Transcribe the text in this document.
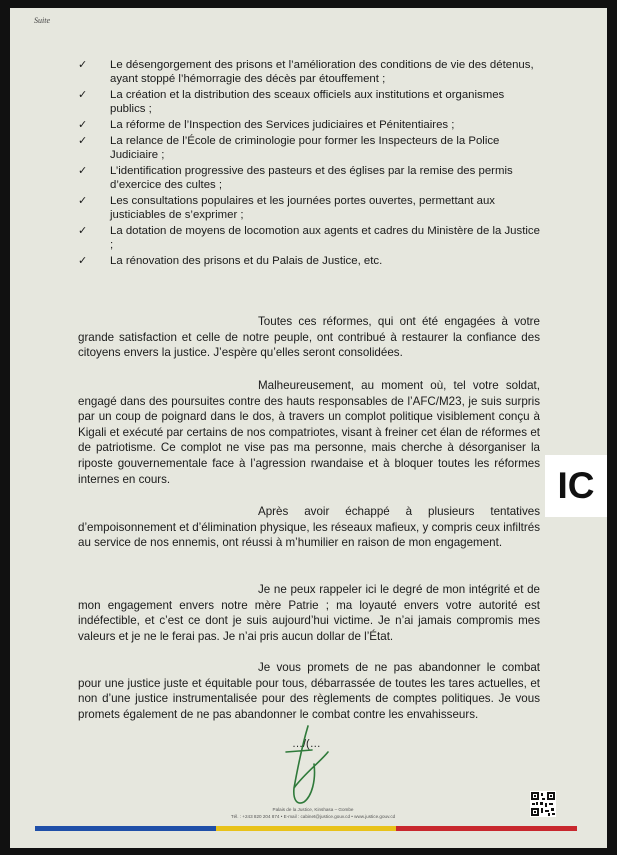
Suite
✓ Le désengorgement des prisons et l’amélioration des conditions de vie des détenus, ayant stoppé l’hémorragie des décès par étouffement ;
✓ La création et la distribution des sceaux officiels aux institutions et organismes publics ;
✓ La réforme de l’Inspection des Services judiciaires et Pénitentiaires ;
✓ La relance de l’École de criminologie pour former les Inspecteurs de la Police Judiciaire ;
✓ L’identification progressive des pasteurs et des églises par la remise des permis d’exercice des cultes ;
✓ Les consultations populaires et les journées portes ouvertes, permettant aux justiciables de s’exprimer ;
✓ La dotation de moyens de locomotion aux agents et cadres du Ministère de la Justice ;
✓ La rénovation des prisons et du Palais de Justice, etc.

Toutes ces réformes, qui ont été engagées à votre grande satisfaction et celle de notre peuple, ont contribué à restaurer la confiance des citoyens envers la justice. J’espère qu’elles seront consolidées.

Malheureusement, au moment où, tel votre soldat, engagé dans des poursuites contre des hauts responsables de l’AFC/M23, je suis surpris par un coup de poignard dans le dos, à travers un complot politique visiblement conçu à Kigali et exécuté par certains de nos compatriotes, visant à freiner cet élan de réformes et de patriotisme. Ce complot ne vise pas ma personne, mais cherche à désorganiser la riposte gouvernementale face à l’agression rwandaise et à bloquer toutes les réformes internes en cours.

Après avoir échappé à plusieurs tentatives d’empoisonnement et d’élimination physique, les réseaux mafieux, y compris ceux infiltrés au service de nos ennemis, ont réussi à m’humilier en raison de mon engagement.

Je ne peux rappeler ici le degré de mon intégrité et de mon engagement envers notre mère Patrie ; ma loyauté envers votre autorité est indéfectible, et c’est ce dont je suis aujourd’hui victime. Je n’ai jamais compromis mes valeurs et je ne le ferai pas. Je n’ai pris aucun dollar de l’État.

Je vous promets de ne pas abandonner le combat pour une justice juste et équitable pour tous, débarrassée de toutes les tares actuelles, et non d’une justice instrumentalisée pour des règlements de comptes politiques. Je vous promets également de ne pas abandonner le combat contre les envahisseurs.

IC
…/(…
Palais de la Justice, Kinshasa – Gombe
Tél. : +243 820 204 874 • E-mail : cabinet@justice.gouv.cd • www.justice.gouv.cd
